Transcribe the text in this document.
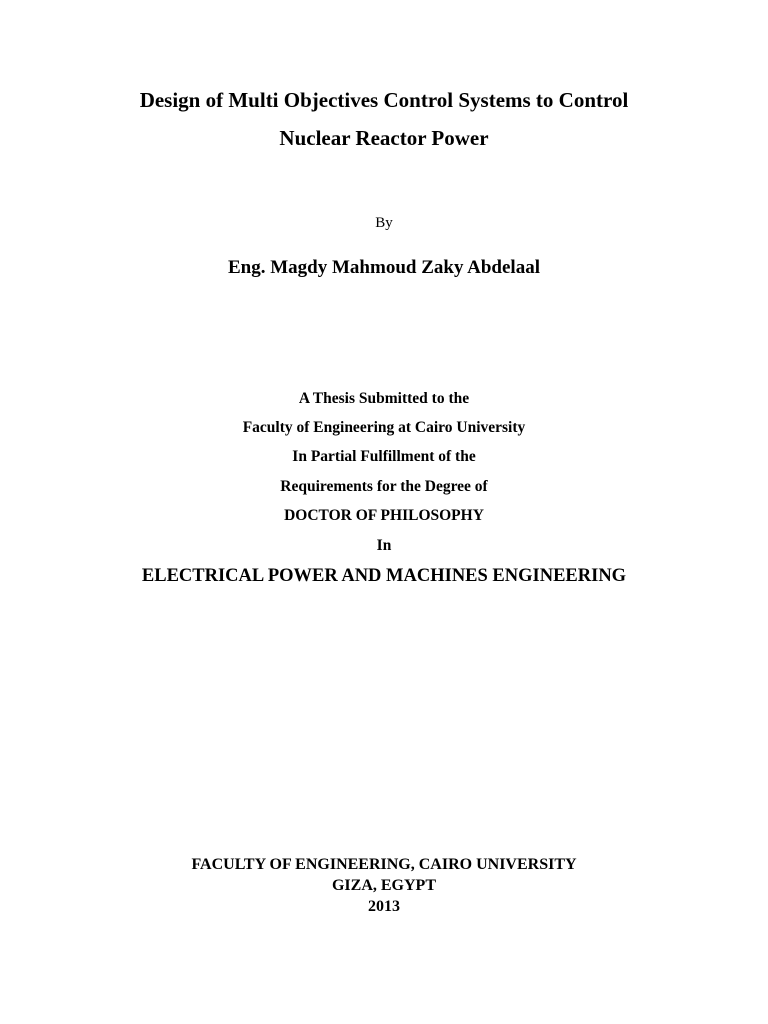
Design of Multi Objectives Control Systems to Control
Nuclear Reactor Power
By
Eng. Magdy Mahmoud Zaky Abdelaal
A Thesis Submitted to the
Faculty of Engineering at Cairo University
In Partial Fulfillment of the
Requirements for the Degree of
DOCTOR OF PHILOSOPHY
In
ELECTRICAL POWER AND MACHINES ENGINEERING
FACULTY OF ENGINEERING, CAIRO UNIVERSITY
GIZA, EGYPT
2013
